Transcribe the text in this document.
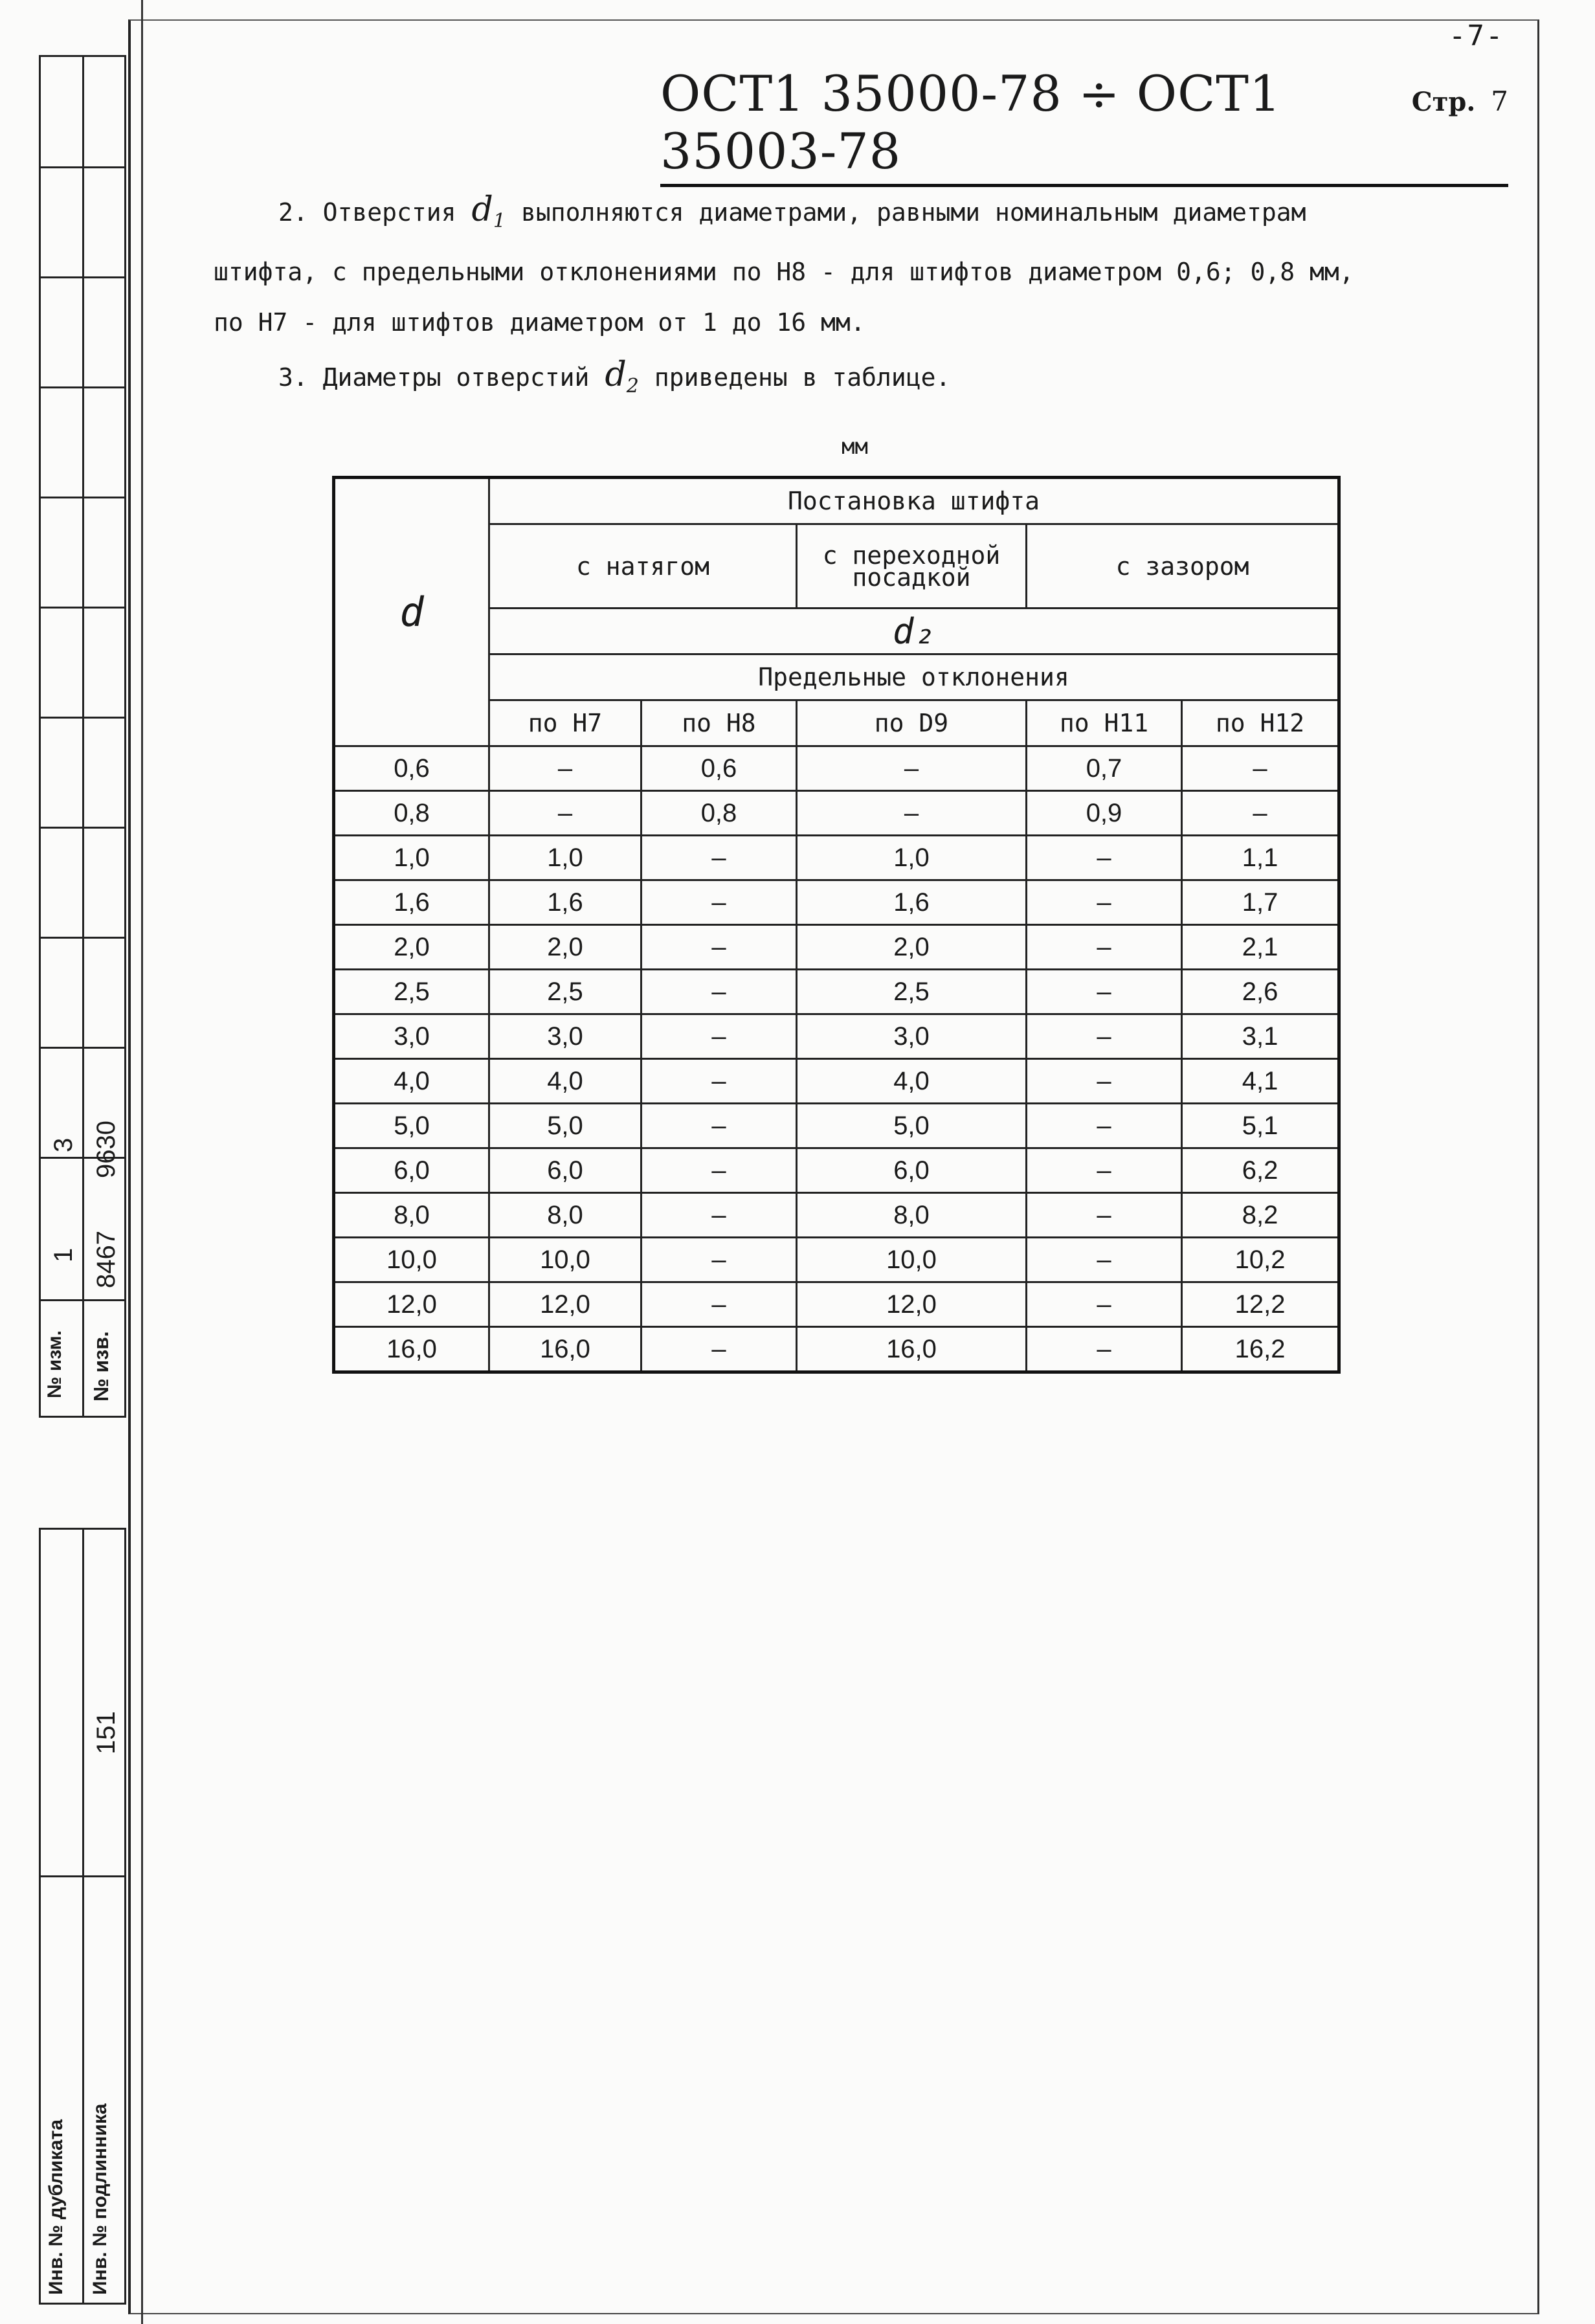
-7-
ОСТ1 35000-78 ÷ ОСТ1 35003-78
Стр. 7
2. Отверстия $d_1$ выполняются диаметрами, равными номинальным диаметрам
штифта, с предельными отклонениями по Н8 - для штифтов диаметром 0,6; 0,8 мм,
по Н7 - для штифтов диаметром от 1 до 16 мм.
3. Диаметры отверстий $d_2$ приведены в таблице.
мм
d	Постановка штифта				
	с натягом		с переходной посадкой	с зазором	
	d₂				
	Предельные отклонения				
	по Н7	по Н8	по D9	по Н11	по Н12
0,6	–	0,6	–	0,7	–
0,8	–	0,8	–	0,9	–
1,0	1,0	–	1,0	–	1,1
1,6	1,6	–	1,6	–	1,7
2,0	2,0	–	2,0	–	2,1
2,5	2,5	–	2,5	–	2,6
3,0	3,0	–	3,0	–	3,1
4,0	4,0	–	4,0	–	4,1
5,0	5,0	–	5,0	–	5,1
6,0	6,0	–	6,0	–	6,2
8,0	8,0	–	8,0	–	8,2
10,0	10,0	–	10,0	–	10,2
12,0	12,0	–	12,0	–	12,2
16,0	16,0	–	16,0	–	16,2
№ изм. № изв.
1
3
8467
9630
Инв. № дубликата Инв. № подлинника
151
